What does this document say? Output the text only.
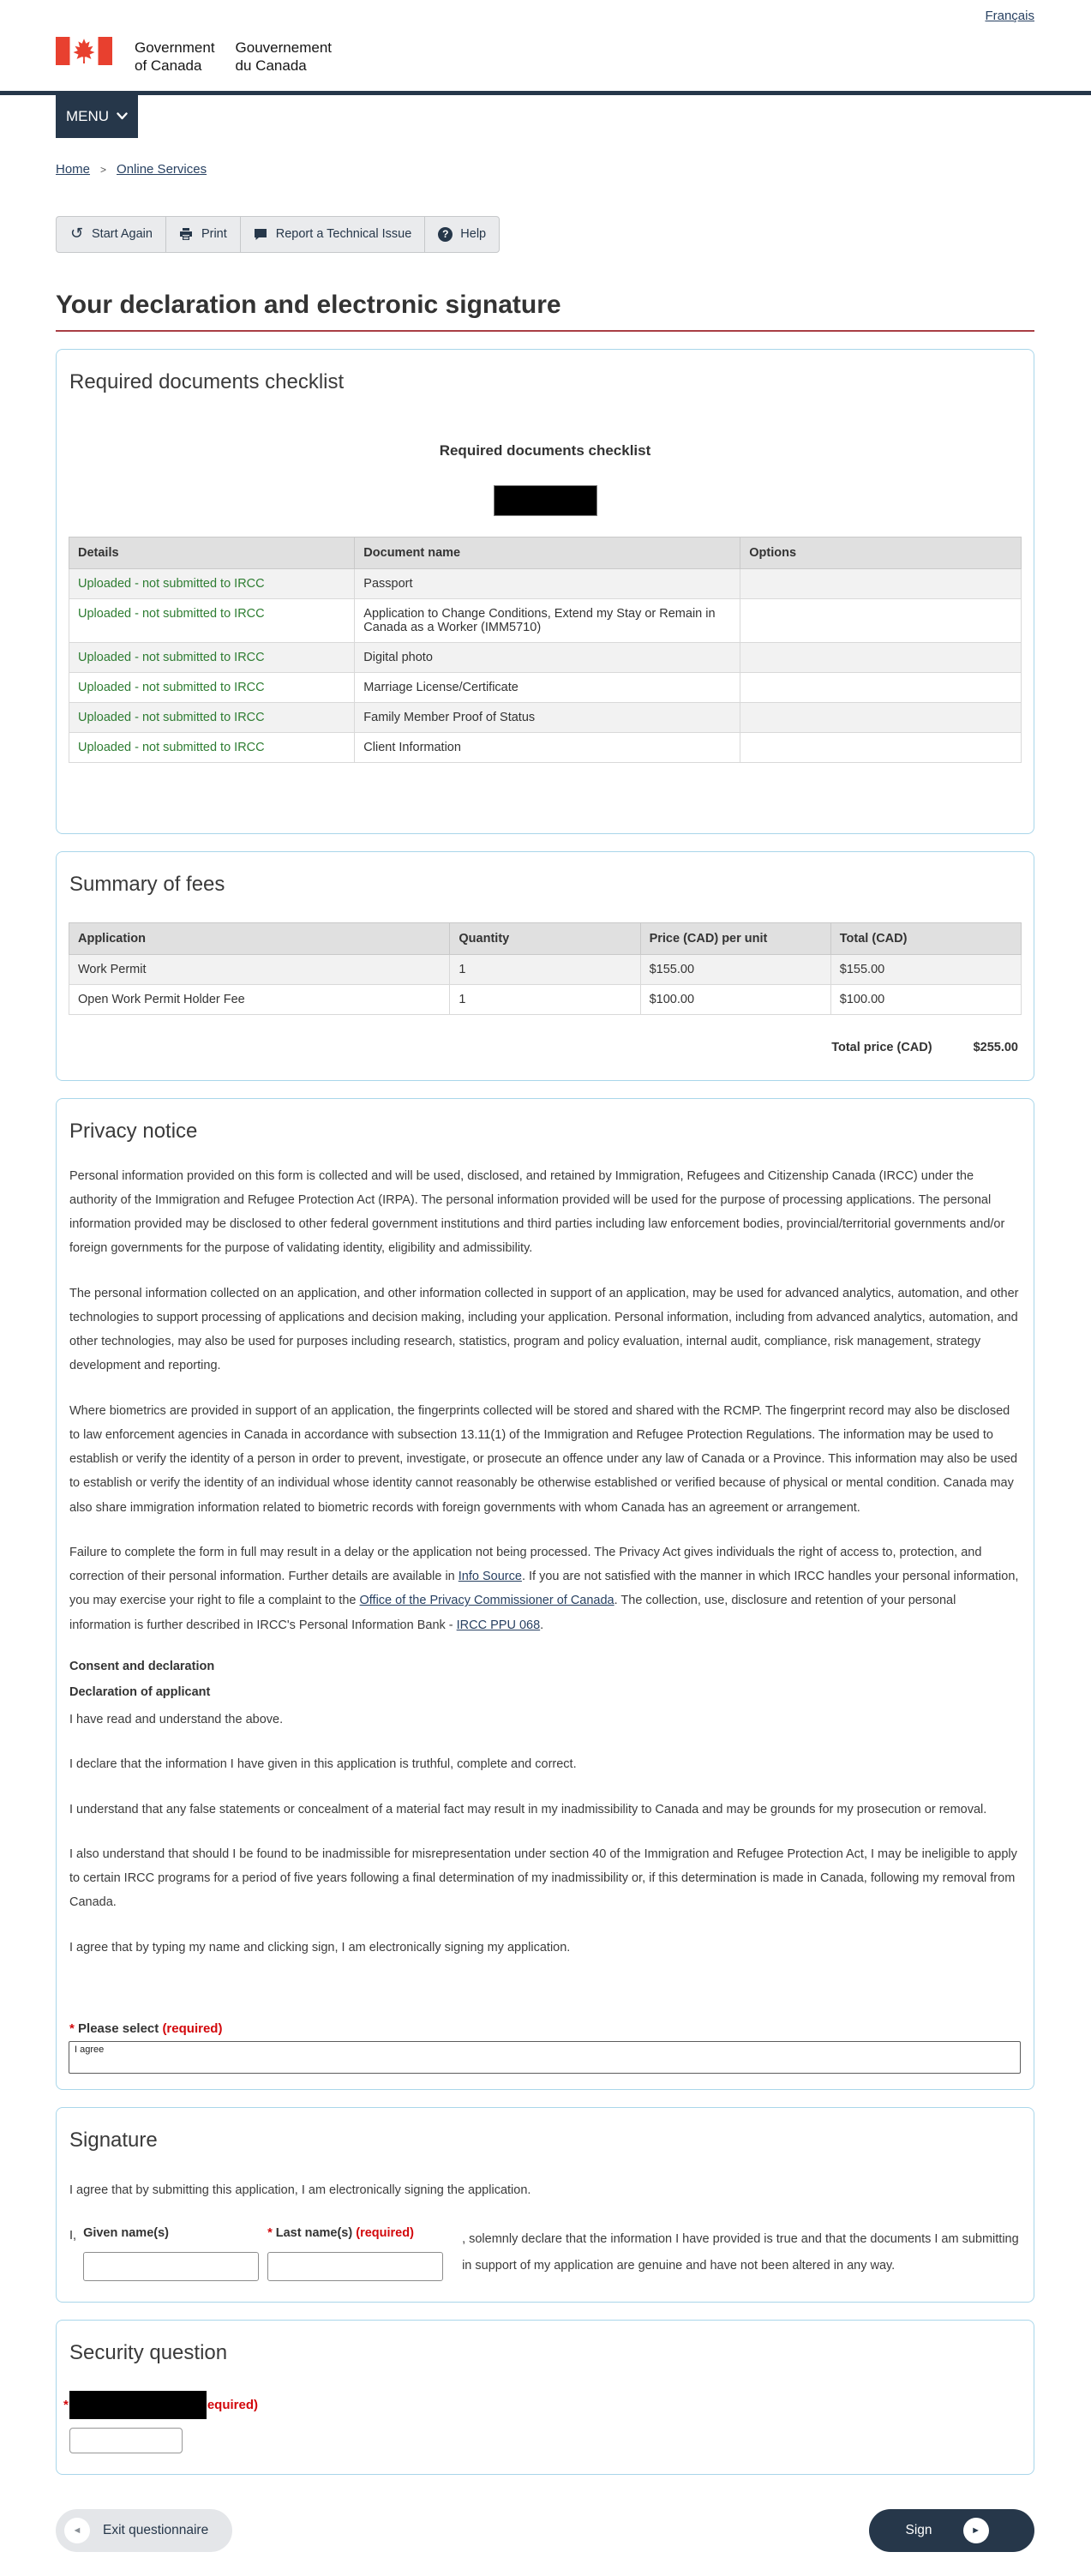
Français
Government
of Canada
Gouvernement
du Canada
MENU
Home > Online Services
↺ Start Again	Print	Report a Technical Issue	? Help
Your declaration and electronic signature
Required documents checklist
Required documents checklist
Details	Document name	Options
Uploaded - not submitted to IRCC	Passport	
Uploaded - not submitted to IRCC	Application to Change Conditions, Extend my Stay or Remain in Canada as a Worker (IMM5710)	
Uploaded - not submitted to IRCC	Digital photo	
Uploaded - not submitted to IRCC	Marriage License/Certificate	
Uploaded - not submitted to IRCC	Family Member Proof of Status	
Uploaded - not submitted to IRCC	Client Information	
Summary of fees
Application	Quantity	Price (CAD) per unit	Total (CAD)
Work Permit	1	$155.00	$155.00
Open Work Permit Holder Fee	1	$100.00	$100.00
Total price (CAD)	$255.00
Privacy notice

Personal information provided on this form is collected and will be used, disclosed, and retained by Immigration, Refugees and Citizenship Canada (IRCC) under the authority of the Immigration and Refugee Protection Act (IRPA). The personal information provided will be used for the purpose of processing applications. The personal information provided may be disclosed to other federal government institutions and third parties including law enforcement bodies, provincial/territorial governments and/or foreign governments for the purpose of validating identity, eligibility and admissibility.

The personal information collected on an application, and other information collected in support of an application, may be used for advanced analytics, automation, and other technologies to support processing of applications and decision making, including your application. Personal information, including from advanced analytics, automation, and other technologies, may also be used for purposes including research, statistics, program and policy evaluation, internal audit, compliance, risk management, strategy development and reporting.

Where biometrics are provided in support of an application, the fingerprints collected will be stored and shared with the RCMP. The fingerprint record may also be disclosed to law enforcement agencies in Canada in accordance with subsection 13.11(1) of the Immigration and Refugee Protection Regulations. The information may be used to establish or verify the identity of a person in order to prevent, investigate, or prosecute an offence under any law of Canada or a Province. This information may also be used to establish or verify the identity of an individual whose identity cannot reasonably be otherwise established or verified because of physical or mental condition. Canada may also share immigration information related to biometric records with foreign governments with whom Canada has an agreement or arrangement.

Failure to complete the form in full may result in a delay or the application not being processed. The Privacy Act gives individuals the right of access to, protection, and correction of their personal information. Further details are available in Info Source. If you are not satisfied with the manner in which IRCC handles your personal information, you may exercise your right to file a complaint to the Office of the Privacy Commissioner of Canada. The collection, use, disclosure and retention of your personal information is further described in IRCC's Personal Information Bank - IRCC PPU 068.

Consent and declaration
Declaration of applicant

I have read and understand the above.

I declare that the information I have given in this application is truthful, complete and correct.

I understand that any false statements or concealment of a material fact may result in my inadmissibility to Canada and may be grounds for my prosecution or removal.

I also understand that should I be found to be inadmissible for misrepresentation under section 40 of the Immigration and Refugee Protection Act, I may be ineligible to apply to certain IRCC programs for a period of five years following a final determination of my inadmissibility or, if this determination is made in Canada, following my removal from Canada.

I agree that by typing my name and clicking sign, I am electronically signing my application.

* Please select (required)
I agree
Signature

I agree that by submitting this application, I am electronically signing the application.

I, Given name(s)	* Last name(s) (required)	, solemnly declare that the information I have provided is true and that the documents I am submitting in support of my application are genuine and have not been altered in any way.
Security question
*	equired)
◄	Exit questionnaire	Sign	►
